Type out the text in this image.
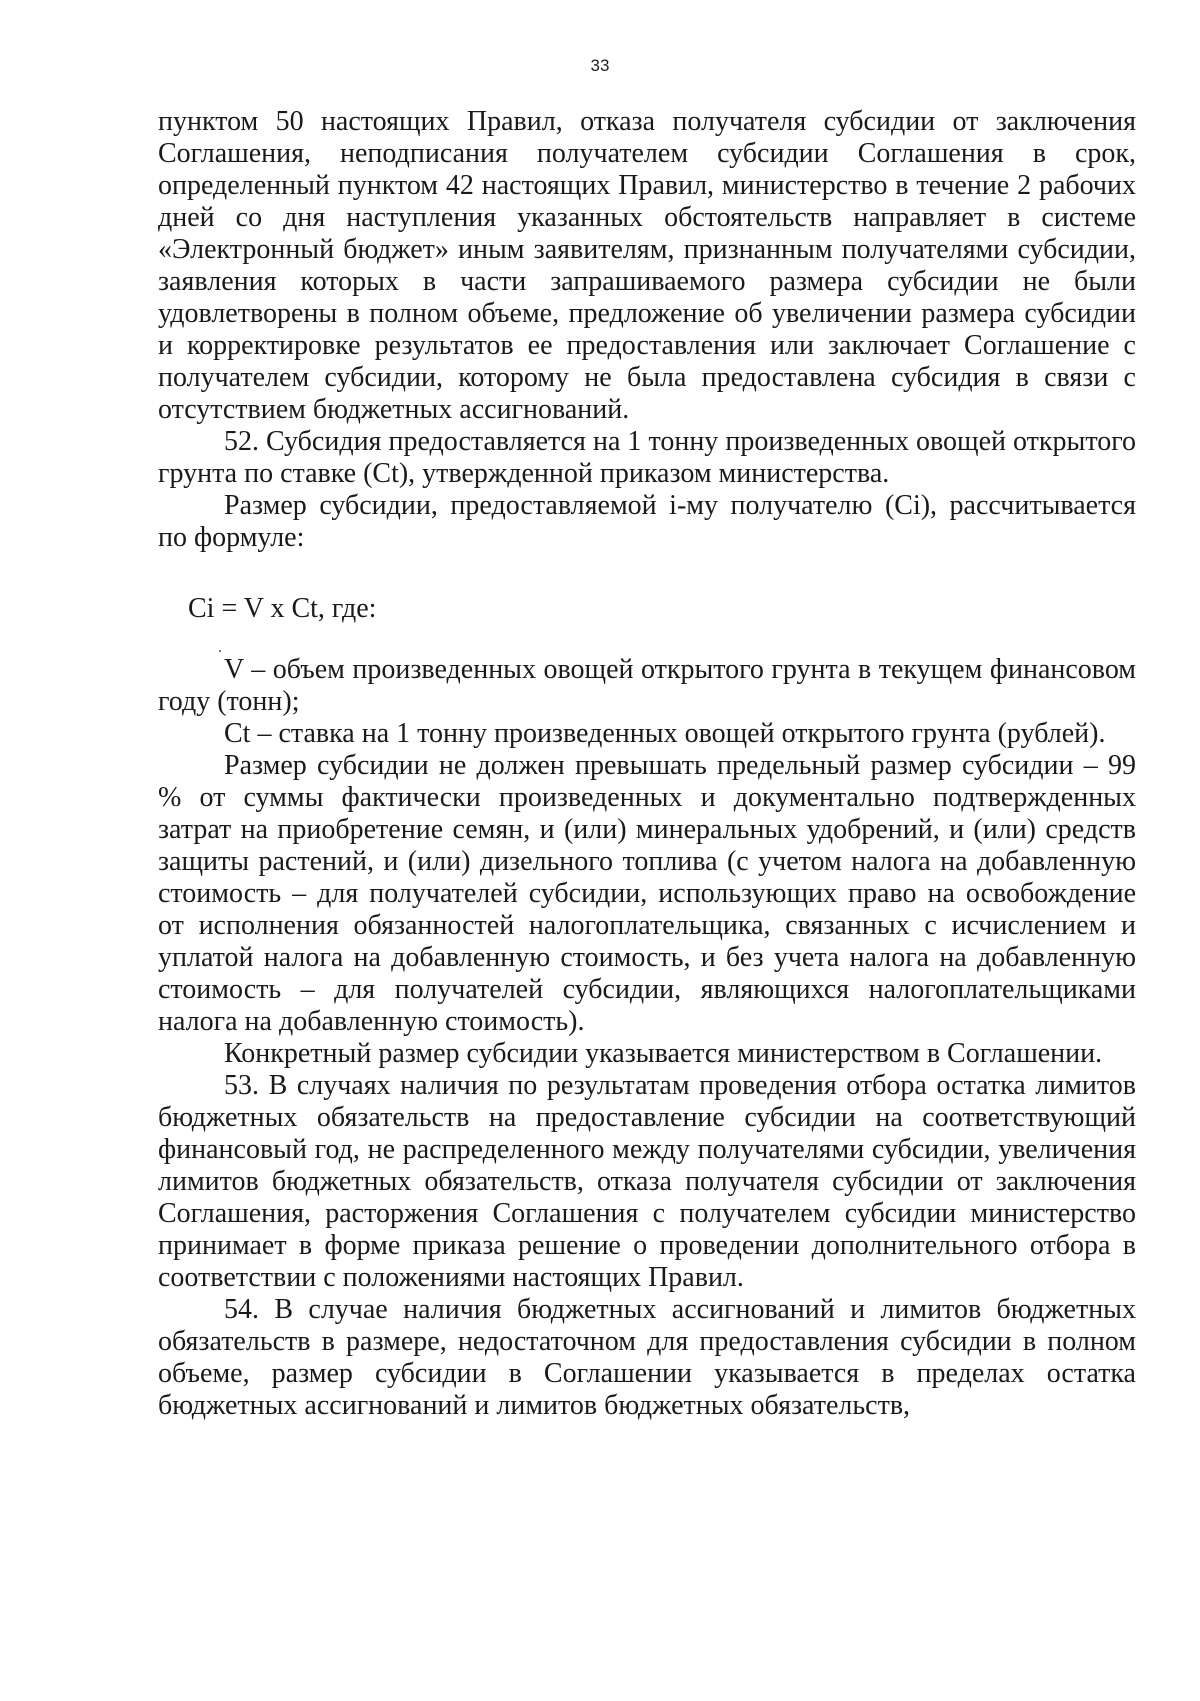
33

пунктом 50 настоящих Правил, отказа получателя субсидии от заключения Соглашения, неподписания получателем субсидии Соглашения в срок, определенный пунктом 42 настоящих Правил, министерство в течение 2 рабочих дней со дня наступления указанных обстоятельств направляет в системе «Электронный бюджет» иным заявителям, признанным получателями субсидии, заявления которых в части запрашиваемого размера субсидии не были удовлетворены в полном объеме, предложение об увеличении размера субсидии и корректировке результатов ее предоставления или заключает Соглашение с получателем субсидии, которому не была предоставлена субсидия в связи с отсутствием бюджетных ассигнований.

52. Субсидия предоставляется на 1 тонну произведенных овощей открытого грунта по ставке (Ct), утвержденной приказом министерства.

Размер субсидии, предоставляемой i-му получателю (Ci), рассчитывается по формуле:

Ci = V x Ct, где:

V – объем произведенных овощей открытого грунта в текущем финансовом году (тонн);

Ct – ставка на 1 тонну произведенных овощей открытого грунта (рублей).

Размер субсидии не должен превышать предельный размер субсидии – 99 % от суммы фактически произведенных и документально подтвержденных затрат на приобретение семян, и (или) минеральных удобрений, и (или) средств защиты растений, и (или) дизельного топлива (с учетом налога на добавленную стоимость – для получателей субсидии, использующих право на освобождение от исполнения обязанностей налогоплательщика, связанных с исчислением и уплатой налога на добавленную стоимость, и без учета налога на добавленную стоимость – для получателей субсидии, являющихся налогоплательщиками налога на добавленную стоимость).

Конкретный размер субсидии указывается министерством в Соглашении.

53. В случаях наличия по результатам проведения отбора остатка лимитов бюджетных обязательств на предоставление субсидии на соответствующий финансовый год, не распределенного между получателями субсидии, увеличения лимитов бюджетных обязательств, отказа получателя субсидии от заключения Соглашения, расторжения Соглашения с получателем субсидии министерство принимает в форме приказа решение о проведении дополнительного отбора в соответствии с положениями настоящих Правил.

54. В случае наличия бюджетных ассигнований и лимитов бюджетных обязательств в размере, недостаточном для предоставления субсидии в полном объеме, размер субсидии в Соглашении указывается в пределах остатка бюджетных ассигнований и лимитов бюджетных обязательств,
